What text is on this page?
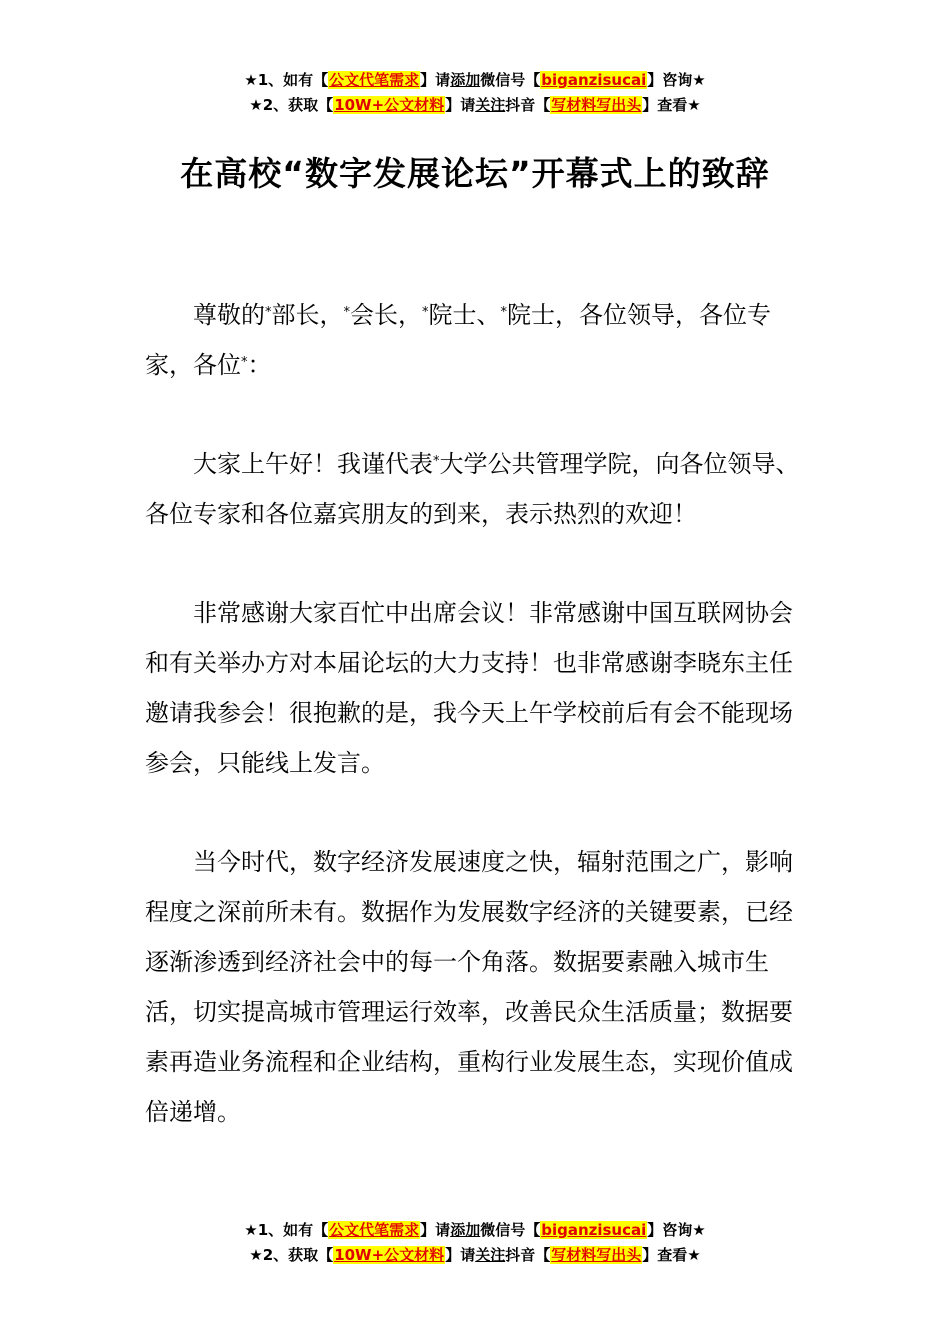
★1、如有【公文代笔需求】请添加微信号【biganzisucai】咨询★
★2、获取【10W+公文材料】请关注抖音【写材料写出头】查看★
在高校“数字发展论坛”开幕式上的致辞

尊敬的*部长，*会长，*院士、*院士，各位领导，各位专家，各位*：

大家上午好！我谨代表*大学公共管理学院，向各位领导、各位专家和各位嘉宾朋友的到来，表示热烈的欢迎！

非常感谢大家百忙中出席会议！非常感谢中国互联网协会和有关举办方对本届论坛的大力支持！也非常感谢李晓东主任邀请我参会！很抱歉的是，我今天上午学校前后有会不能现场参会，只能线上发言。

当今时代，数字经济发展速度之快，辐射范围之广，影响程度之深前所未有。数据作为发展数字经济的关键要素，已经逐渐渗透到经济社会中的每一个角落。数据要素融入城市生活，切实提高城市管理运行效率，改善民众生活质量；数据要素再造业务流程和企业结构，重构行业发展生态，实现价值成倍递增。

★1、如有【公文代笔需求】请添加微信号【biganzisucai】咨询★
★2、获取【10W+公文材料】请关注抖音【写材料写出头】查看★
